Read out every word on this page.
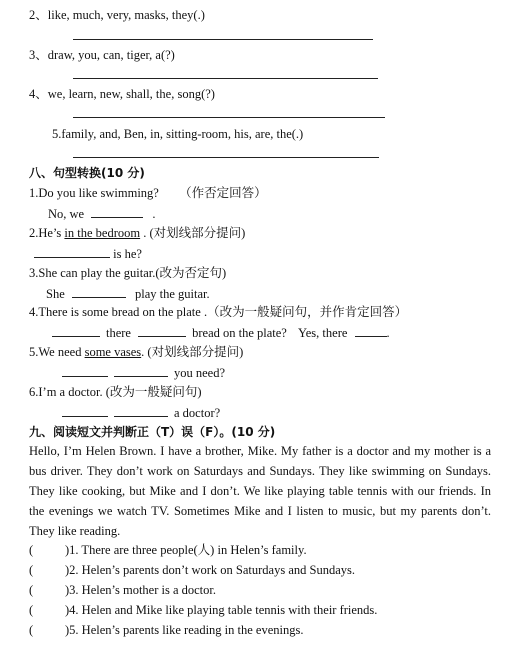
2、like, much, very, masks, they(.)
3、draw, you, can, tiger, a(?)
4、we, learn, new, shall, the, song(?)
5.family, and, Ben, in, sitting-room, his, are, the(.)
八、句型转换(10 分)
1.Do you like swimming? （作否定回答）
No, we	.
2.He’s in the bedroom . (对划线部分提问)
is he?
3.She can play the guitar.(改为否定句)
She	play the guitar.
4.There is some bread on the plate .（改为一般疑问句，并作肯定回答）
there	bread on the plate? Yes, there	.
5.We need some vases. (对划线部分提问)
you need?
6.I’m a doctor. (改为一般疑问句)
a doctor?
九、阅读短文并判断正（T）误（F）。(10 分)
Hello, I’m Helen Brown. I have a brother, Mike. My father is a doctor and my mother is a bus driver. They don’t work on Saturdays and Sundays. They like swimming on Sundays. They like cooking, but Mike and I don’t. We like playing table tennis with our friends. In the evenings we watch TV. Sometimes Mike and I listen to music, but my parents don’t. They like reading.
(	)1. There are three people(人) in Helen’s family.
(	)2. Helen’s parents don’t work on Saturdays and Sundays.
(	)3. Helen’s mother is a doctor.
(	)4. Helen and Mike like playing table tennis with their friends.
(	)5. Helen’s parents like reading in the evenings.
